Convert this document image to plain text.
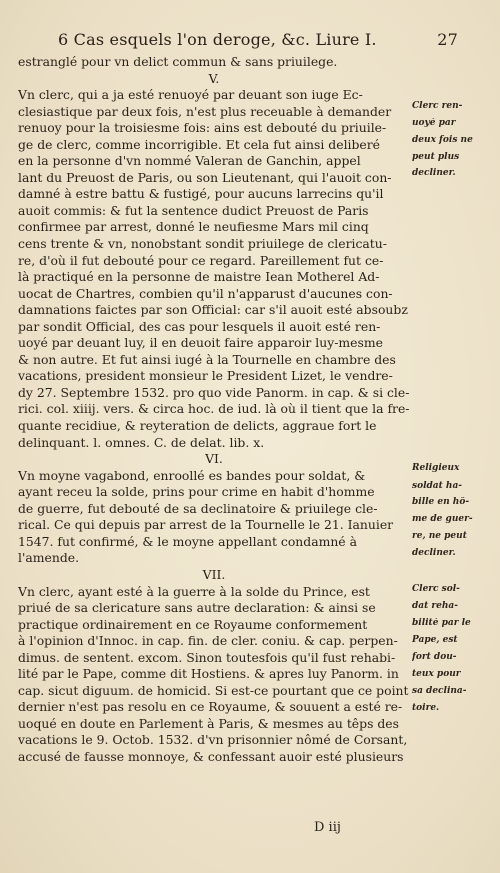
6 Cas esquels l'on deroge, &c. Liure I.	27
estranglé pour vn delict commun & sans priuilege.
V.
Vn clerc, qui a ja esté renuoyé par deuant son iuge Ec-
clesiastique par deux fois, n'est plus receuable à demander
renuoy pour la troisiesme fois: ains est debouté du priuile-
ge de clerc, comme incorrigible. Et cela fut ainsi deliberé
en la personne d'vn nommé Valeran de Ganchin, appel
lant du Preuost de Paris, ou son Lieutenant, qui l'auoit con-
damné à estre battu & fustigé, pour aucuns larrecins qu'il
auoit commis: & fut la sentence dudict Preuost de Paris
confirmee par arrest, donné le neufiesme Mars mil cinq
cens trente & vn, nonobstant sondit priuilege de clericatu-
re, d'où il fut debouté pour ce regard. Pareillement fut ce-
là practiqué en la personne de maistre Iean Motherel Ad-
uocat de Chartres, combien qu'il n'apparust d'aucunes con-
damnations faictes par son Official: car s'il auoit esté absoubz
par sondit Official, des cas pour lesquels il auoit esté ren-
uoyé par deuant luy, il en deuoit faire apparoir luy-mesme
& non autre. Et fut ainsi iugé à la Tournelle en chambre des
vacations, president monsieur le President Lizet, le vendre-
dy 27. Septembre 1532. pro quo vide Panorm. in cap. & si cle-
rici. col. xiiij. vers. & circa hoc. de iud. là où il tient que la fre-
quante recidiue, & reyteration de delicts, aggraue fort le
delinquant. l. omnes. C. de delat. lib. x.
VI.
Vn moyne vagabond, enroollé es bandes pour soldat, &
ayant receu la solde, prins pour crime en habit d'homme
de guerre, fut debouté de sa declinatoire & priuilege cle-
rical. Ce qui depuis par arrest de la Tournelle le 21. Ianuier
1547. fut confirmé, & le moyne appellant condamné à
l'amende.
VII.
Vn clerc, ayant esté à la guerre à la solde du Prince, est
priué de sa clericature sans autre declaration: & ainsi se
practique ordinairement en ce Royaume conformement
à l'opinion d'Innoc. in cap. fin. de cler. coniu. & cap. perpen-
dimus. de sentent. excom. Sinon toutesfois qu'il fust rehabi-
lité par le Pape, comme dit Hostiens. & apres luy Panorm. in
cap. sicut diguum. de homicid. Si est-ce pourtant que ce point
dernier n'est pas resolu en ce Royaume, & souuent a esté re-
uoqué en doute en Parlement à Paris, & mesmes au têps des
vacations le 9. Octob. 1532. d'vn prisonnier nômé de Corsant,
accusé de fausse monnoye, & confessant auoir esté plusieurs
Clerc ren-
uoyé par
deux fois ne
peut plus
decliner.
Religieux
soldat ha-
bille en hô-
me de guer-
re, ne peut
decliner.
Clerc sol-
dat reha-
bilité par le
Pape, est
fort dou-
teux pour
sa declina-
toire.
D iij
